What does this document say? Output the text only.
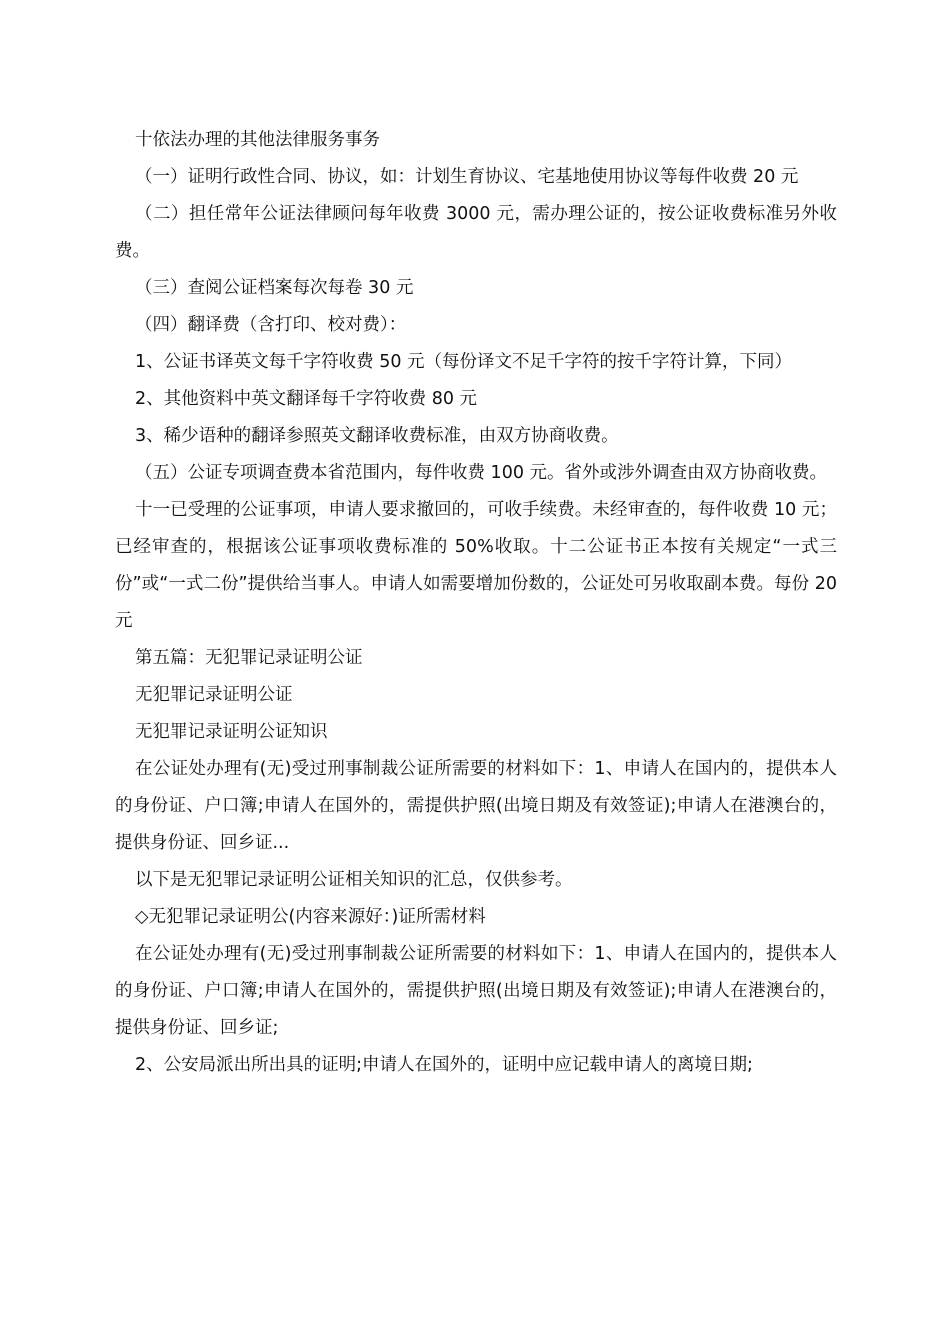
十依法办理的其他法律服务事务

（一）证明行政性合同、协议，如：计划生育协议、宅基地使用协议等每件收费 20 元

（二）担任常年公证法律顾问每年收费 3000 元，需办理公证的，按公证收费标准另外收费。

（三）查阅公证档案每次每卷 30 元

（四）翻译费（含打印、校对费）：

1、公证书译英文每千字符收费 50 元（每份译文不足千字符的按千字符计算，下同）

2、其他资料中英文翻译每千字符收费 80 元

3、稀少语种的翻译参照英文翻译收费标准，由双方协商收费。

（五）公证专项调查费本省范围内，每件收费 100 元。省外或涉外调查由双方协商收费。

十一已受理的公证事项，申请人要求撤回的，可收手续费。未经审查的，每件收费 10 元；已经审查的，根据该公证事项收费标准的 50%收取。十二公证书正本按有关规定“一式三份”或“一式二份”提供给当事人。申请人如需要增加份数的，公证处可另收取副本费。每份 20 元

第五篇：无犯罪记录证明公证

无犯罪记录证明公证

无犯罪记录证明公证知识

在公证处办理有(无)受过刑事制裁公证所需要的材料如下：1、申请人在国内的，提供本人的身份证、户口簿;申请人在国外的，需提供护照(出境日期及有效签证);申请人在港澳台的，提供身份证、回乡证...

以下是无犯罪记录证明公证相关知识的汇总，仅供参考。

◇无犯罪记录证明公(内容来源好：)证所需材料

在公证处办理有(无)受过刑事制裁公证所需要的材料如下：1、申请人在国内的，提供本人的身份证、户口簿;申请人在国外的，需提供护照(出境日期及有效签证);申请人在港澳台的，提供身份证、回乡证;

2、公安局派出所出具的证明;申请人在国外的，证明中应记载申请人的离境日期;
